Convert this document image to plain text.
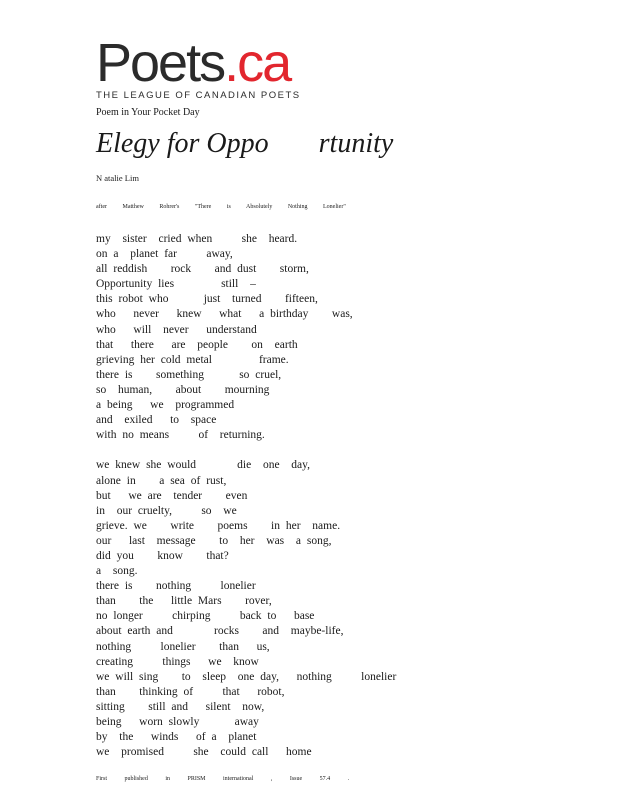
Poets.ca
THE LEAGUE OF CANADIAN POETS
Poem in Your Pocket Day
Elegy for Oppo rtunity
N atalie Lim
after Matthew Rohrer's "There is Absolutely Nothing Lonelier"
my  sister  cried when     she  heard.
on a  planet far     away,
all reddish    rock    and dust    storm,
Opportunity lies        still  –
this robot who      just  turned    fifteen,
who   never   knew   what   a birthday    was,
who   will  never   understand
that   there   are  people    on  earth
grieving her cold metal        frame.
there is    something      so cruel,
so  human,    about    mourning
a being   we  programmed
and  exiled   to  space
with no means     of  returning.
we knew she would       die  one  day,
alone in    a sea of rust,
but   we are  tender    even
in  our cruelty,     so  we
grieve. we    write    poems    in her  name.
our   last  message    to  her  was  a song,
did you    know    that?
a  song.
there is    nothing     lonelier
than    the   little Mars    rover,
no longer     chirping     back to   base
about earth and       rocks    and  maybe-life,
nothing     lonelier    than   us,
creating     things   we  know
we will sing    to  sleep  one day,   nothing     lonelier
than    thinking of     that   robot,
sitting    still and   silent  now,
being   worn slowly      away
by  the   winds   of a  planet
we  promised     she  could call   home
First published in PRISM international , Issue 57.4 .
